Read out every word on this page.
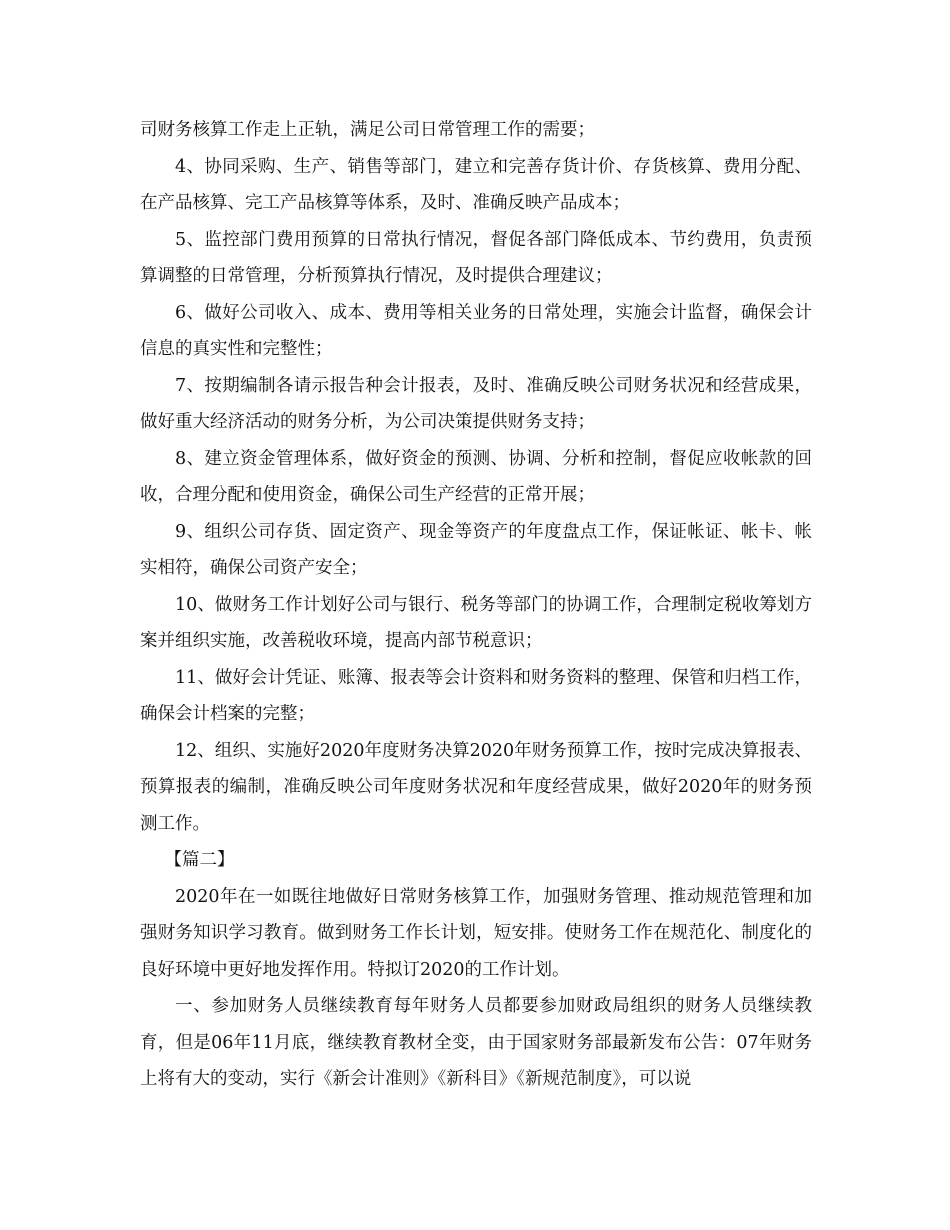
司财务核算工作走上正轨，满足公司日常管理工作的需要；

4、协同采购、生产、销售等部门，建立和完善存货计价、存货核算、费用分配、在产品核算、完工产品核算等体系，及时、准确反映产品成本；

5、监控部门费用预算的日常执行情况，督促各部门降低成本、节约费用，负责预算调整的日常管理，分析预算执行情况，及时提供合理建议；

6、做好公司收入、成本、费用等相关业务的日常处理，实施会计监督，确保会计信息的真实性和完整性；

7、按期编制各请示报告种会计报表，及时、准确反映公司财务状况和经营成果，做好重大经济活动的财务分析，为公司决策提供财务支持；

8、建立资金管理体系，做好资金的预测、协调、分析和控制，督促应收帐款的回收，合理分配和使用资金，确保公司生产经营的正常开展；

9、组织公司存货、固定资产、现金等资产的年度盘点工作，保证帐证、帐卡、帐实相符，确保公司资产安全；

10、做财务工作计划好公司与银行、税务等部门的协调工作，合理制定税收筹划方案并组织实施，改善税收环境，提高内部节税意识；

11、做好会计凭证、账簿、报表等会计资料和财务资料的整理、保管和归档工作，确保会计档案的完整；

12、组织、实施好2020年度财务决算2020年财务预算工作，按时完成决算报表、预算报表的编制，准确反映公司年度财务状况和年度经营成果，做好2020年的财务预测工作。

【篇二】

2020年在一如既往地做好日常财务核算工作，加强财务管理、推动规范管理和加强财务知识学习教育。做到财务工作长计划，短安排。使财务工作在规范化、制度化的良好环境中更好地发挥作用。特拟订2020的工作计划。

一、参加财务人员继续教育每年财务人员都要参加财政局组织的财务人员继续教育，但是06年11月底，继续教育教材全变，由于国家财务部最新发布公告：07年财务上将有大的变动，实行《新会计准则》《新科目》《新规范制度》，可以说
